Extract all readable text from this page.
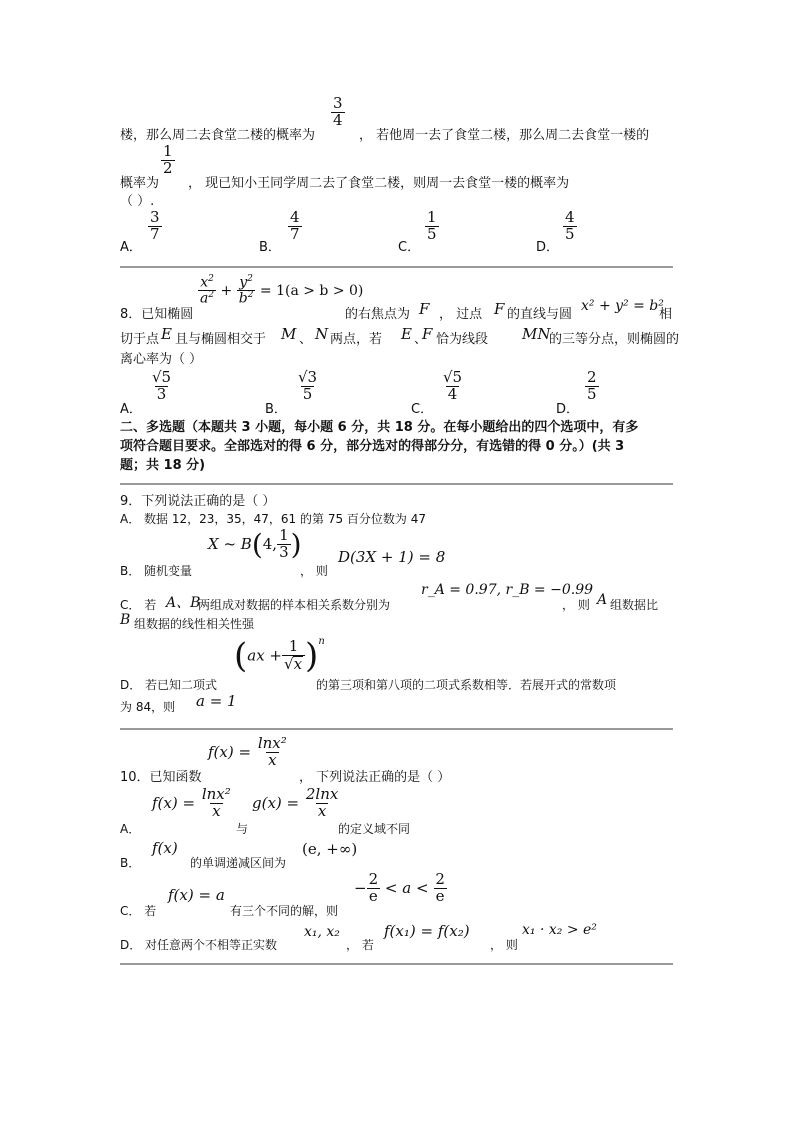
$\frac{3}{4}$
楼，那么周二去食堂二楼的概率为	， 若他周一去了食堂二楼，那么周二去食堂一楼的
$\frac{1}{2}$
概率为 ， 现已知小王同学周二去了食堂二楼，则周一去食堂一楼的概率为
（ ）.
A．
$\frac{3}{7}$
B．
$\frac{4}{7}$
C．
$\frac{1}{5}$
D．
$\frac{4}{5}$
8．已知椭圆
$\frac{x^2}{a^2} + \frac{y^2}{b^2} = 1(a > b > 0)$
的右焦点为 F ， 过点 F 的直线与圆
x² + y² = b²
相
切于点 E 且与椭圆相交于 M 、 N 两点，若 E 、
F 恰为线段 MN
的三等分点，则椭圆的
离心率为（ ）
A．
$\frac{√5}{3}$
B．
$\frac{√3}{5}$
C．
$\frac{√5}{4}$
D．
$\frac{2}{5}$
二、多选题（本题共 3 小题，每小题 6 分，共 18 分。在每小题给出的四个选项中，有多
项符合题目要求。全部选对的得 6 分，部分选对的得部分分，有选错的得 0 分。）(共 3
题；共 18 分)
9．下列说法正确的是（ ）
A． 数据 12，23，35，47，61 的第 75 百分位数为 47
B． 随机变量
X ~ B(4, $\frac{1}{3}$ )
， 则
D(3X + 1) = 8
C． 若 A、B
两组成对数据的样本相关系数分别为
r_A = 0.97, r_B = −0.99
， 则 A 组数据比
B 组数据的线性相关性强
D． 若已知二项式
$(ax + \frac{1}{√x} )^n$
的第三项和第八项的二项式系数相等．若展开式的常数项
为 84，则 a = 1
10．已知函数
$f(x) = \frac{\text{lnx²}}{x}$
， 下列说法正确的是（ ）
A．
$f(x) = \frac{\text{lnx²}}{x}$
与
$g(x) = \frac{2\ln x}{x}$
的定义域不同
B．
f(x)
的单调递减区间为
(e, +∞)
C． 若
f(x) = a
有三个不同的解，则
− $\frac{2}{e} < a < \frac{2}{e}$
D． 对任意两个不相等正实数
x₁, x₂
， 若
f(x₁) = f(x₂)
， 则
x₁ · x₂ > e²
